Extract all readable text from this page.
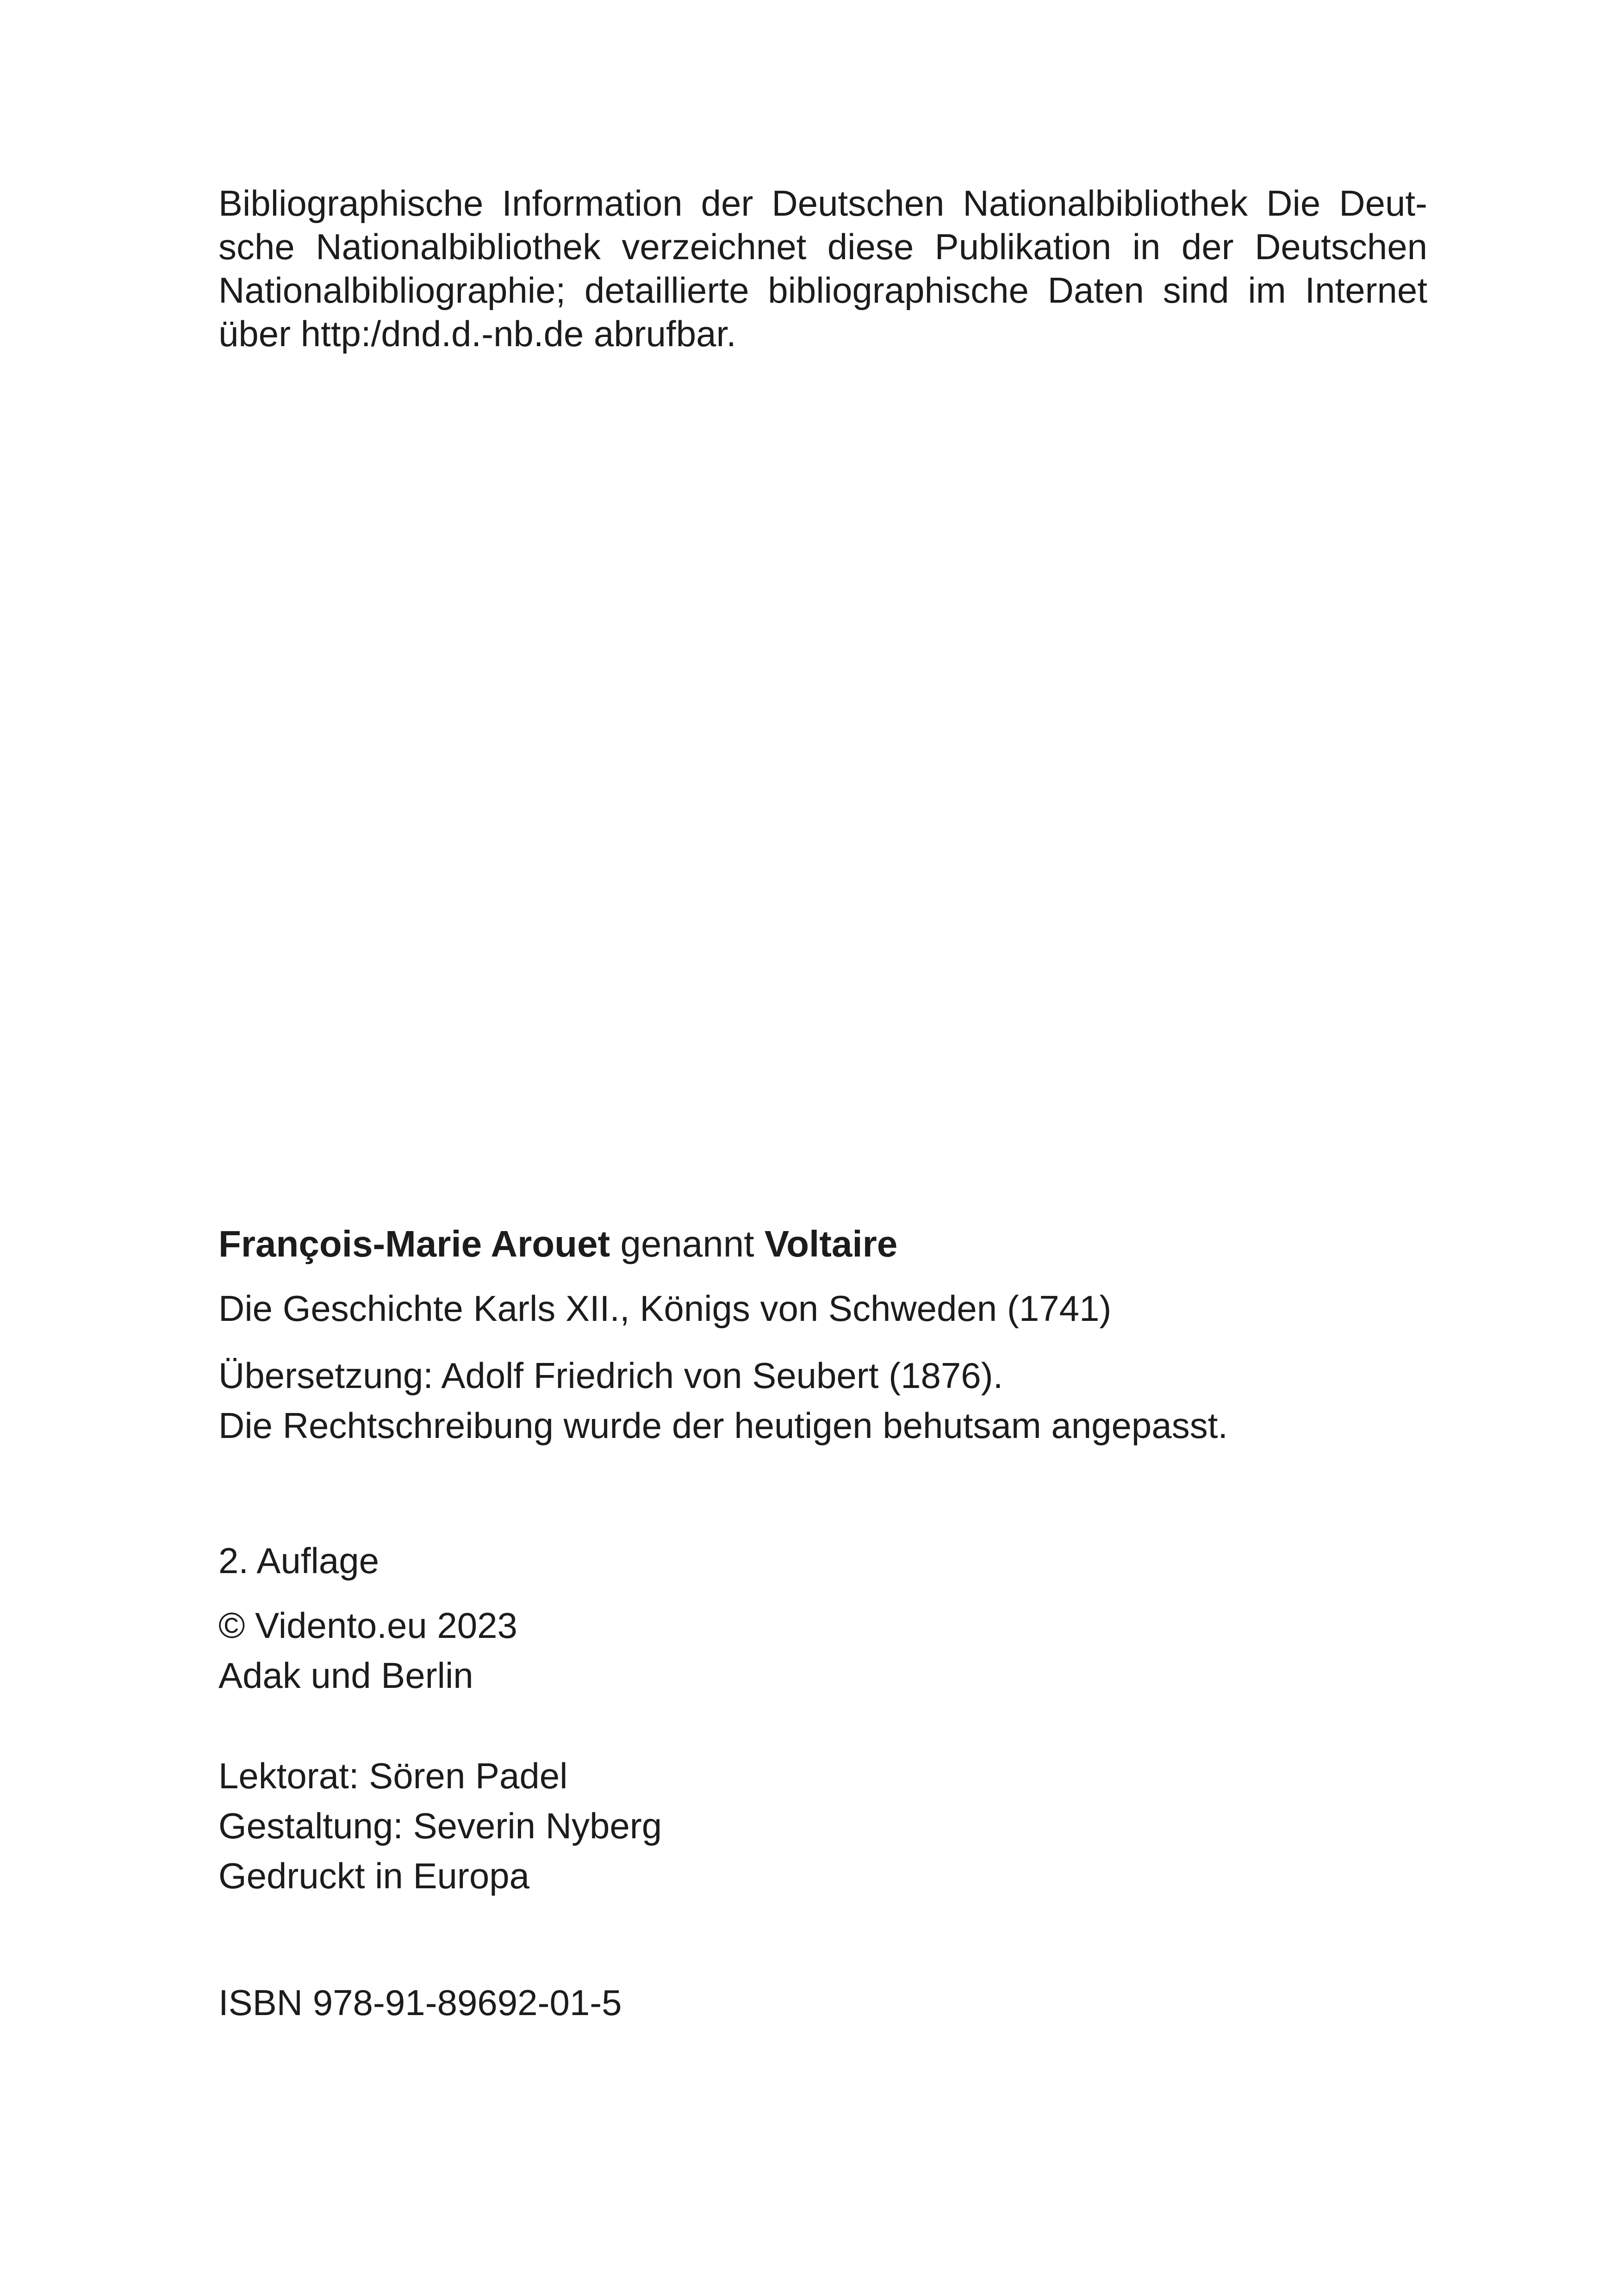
Bibliographische Information der Deutschen Nationalbibliothek Die Deut-
sche Nationalbibliothek verzeichnet diese Publikation in der Deutschen
Nationalbibliographie; detaillierte bibliographische Daten sind im Internet
über http:/dnd.d.-nb.de abrufbar.
François-Marie Arouet genannt Voltaire
Die Geschichte Karls XII., Königs von Schweden (1741)
Übersetzung: Adolf Friedrich von Seubert (1876).
Die Rechtschreibung wurde der heutigen behutsam angepasst.
2. Auflage
© Vidento.eu 2023
Adak und Berlin
Lektorat: Sören Padel
Gestaltung: Severin Nyberg
Gedruckt in Europa
ISBN 978-91-89692-01-5
